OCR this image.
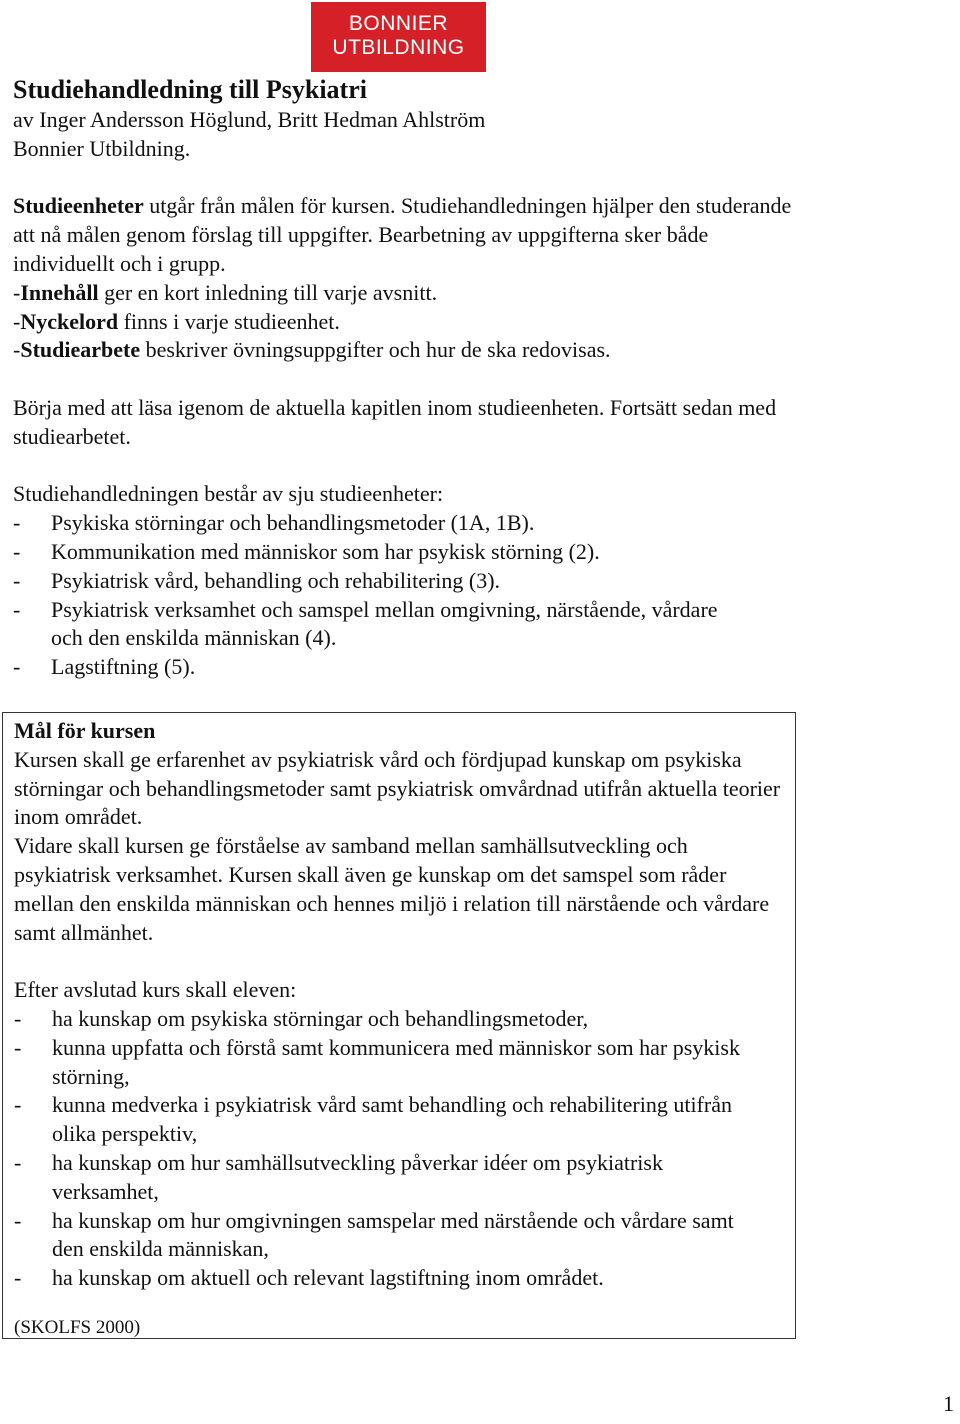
BONNIER
UTBILDNING
Studiehandledning till Psykiatri

av Inger Andersson Höglund, Britt Hedman Ahlström

Bonnier Utbildning.

Studieenheter utgår från målen för kursen. Studiehandledningen hjälper den studerande att nå målen genom förslag till uppgifter. Bearbetning av uppgifterna sker både individuellt och i grupp.

-Innehåll ger en kort inledning till varje avsnitt.

-Nyckelord finns i varje studieenhet.

-Studiearbete beskriver övningsuppgifter och hur de ska redovisas.

Börja med att läsa igenom de aktuella kapitlen inom studieenheten. Fortsätt sedan med studiearbetet.

Studiehandledningen består av sju studieenheter:

- Psykiska störningar och behandlingsmetoder (1A, 1B).
- Kommunikation med människor som har psykisk störning (2).
- Psykiatrisk vård, behandling och rehabilitering (3).
- Psykiatrisk verksamhet och samspel mellan omgivning, närstående, vårdare och den enskilda människan (4).
- Lagstiftning (5).

Mål för kursen

Kursen skall ge erfarenhet av psykiatrisk vård och fördjupad kunskap om psykiska störningar och behandlingsmetoder samt psykiatrisk omvårdnad utifrån aktuella teorier inom området.

Vidare skall kursen ge förståelse av samband mellan samhällsutveckling och psykiatrisk verksamhet. Kursen skall även ge kunskap om det samspel som råder mellan den enskilda människan och hennes miljö i relation till närstående och vårdare samt allmänhet.

Efter avslutad kurs skall eleven:

- ha kunskap om psykiska störningar och behandlingsmetoder,
- kunna uppfatta och förstå samt kommunicera med människor som har psykisk störning,
- kunna medverka i psykiatrisk vård samt behandling och rehabilitering utifrån olika perspektiv,
- ha kunskap om hur samhällsutveckling påverkar idéer om psykiatrisk verksamhet,
- ha kunskap om hur omgivningen samspelar med närstående och vårdare samt den enskilda människan,
- ha kunskap om aktuell och relevant lagstiftning inom området.

(SKOLFS 2000)

1
